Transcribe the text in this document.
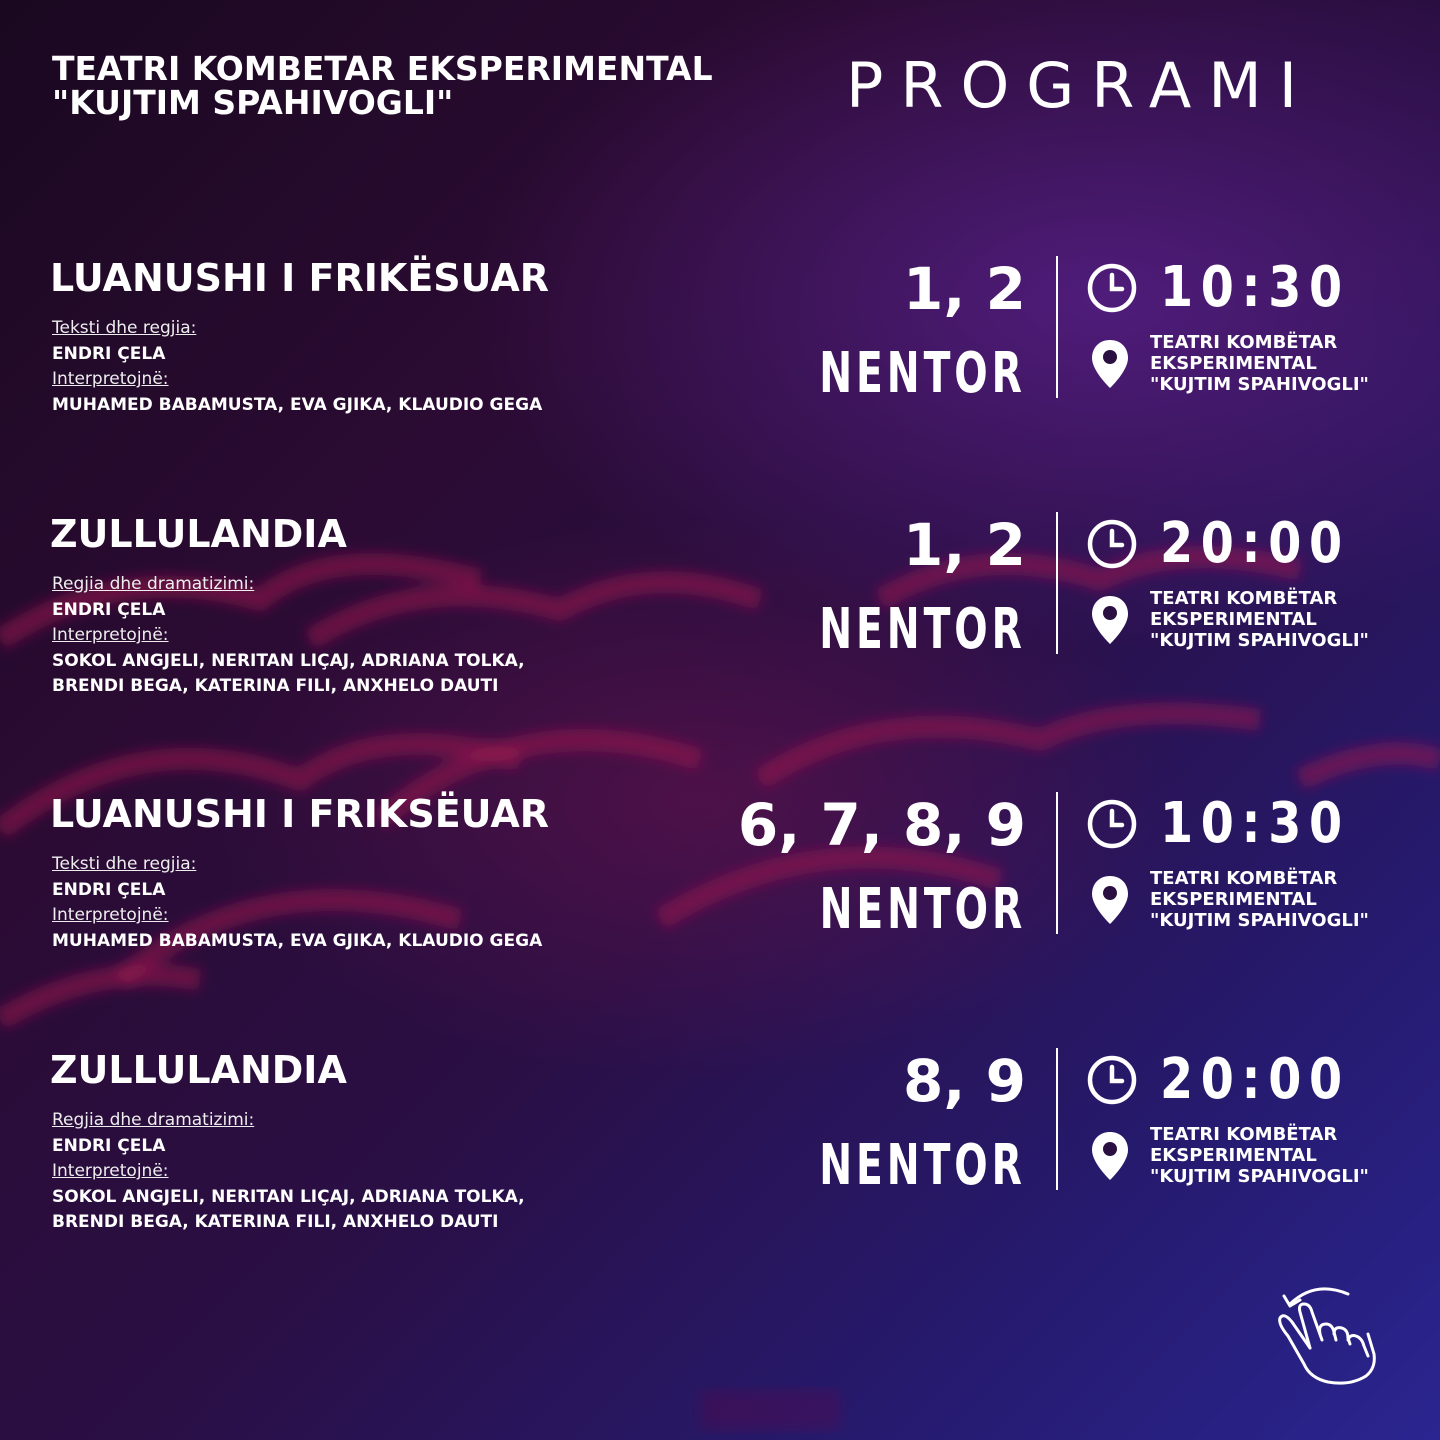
TEATRI KOMBETAR EKSPERIMENTAL
"KUJTIM SPAHIVOGLI"	PROGRAMI
LUANUSHI I FRIKËSUAR
Teksti dhe regjia:
ENDRI ÇELA
Interpretojnë:
MUHAMED BABAMUSTA, EVA GJIKA, KLAUDIO GEGA
1, 2
NENTOR
10:30
TEATRI KOMBËTAR
EKSPERIMENTAL
"KUJTIM SPAHIVOGLI"
ZULLULANDIA
Regjia dhe dramatizimi:
ENDRI ÇELA
Interpretojnë:
SOKOL ANGJELI, NERITAN LIÇAJ, ADRIANA TOLKA,
BRENDI BEGA, KATERINA FILI, ANXHELO DAUTI
1, 2
NENTOR
20:00
TEATRI KOMBËTAR
EKSPERIMENTAL
"KUJTIM SPAHIVOGLI"
LUANUSHI I FRIKSËUAR
Teksti dhe regjia:
ENDRI ÇELA
Interpretojnë:
MUHAMED BABAMUSTA, EVA GJIKA, KLAUDIO GEGA
6, 7, 8, 9
NENTOR
10:30
TEATRI KOMBËTAR
EKSPERIMENTAL
"KUJTIM SPAHIVOGLI"
ZULLULANDIA
Regjia dhe dramatizimi:
ENDRI ÇELA
Interpretojnë:
SOKOL ANGJELI, NERITAN LIÇAJ, ADRIANA TOLKA,
BRENDI BEGA, KATERINA FILI, ANXHELO DAUTI
8, 9
NENTOR
20:00
TEATRI KOMBËTAR
EKSPERIMENTAL
"KUJTIM SPAHIVOGLI"
